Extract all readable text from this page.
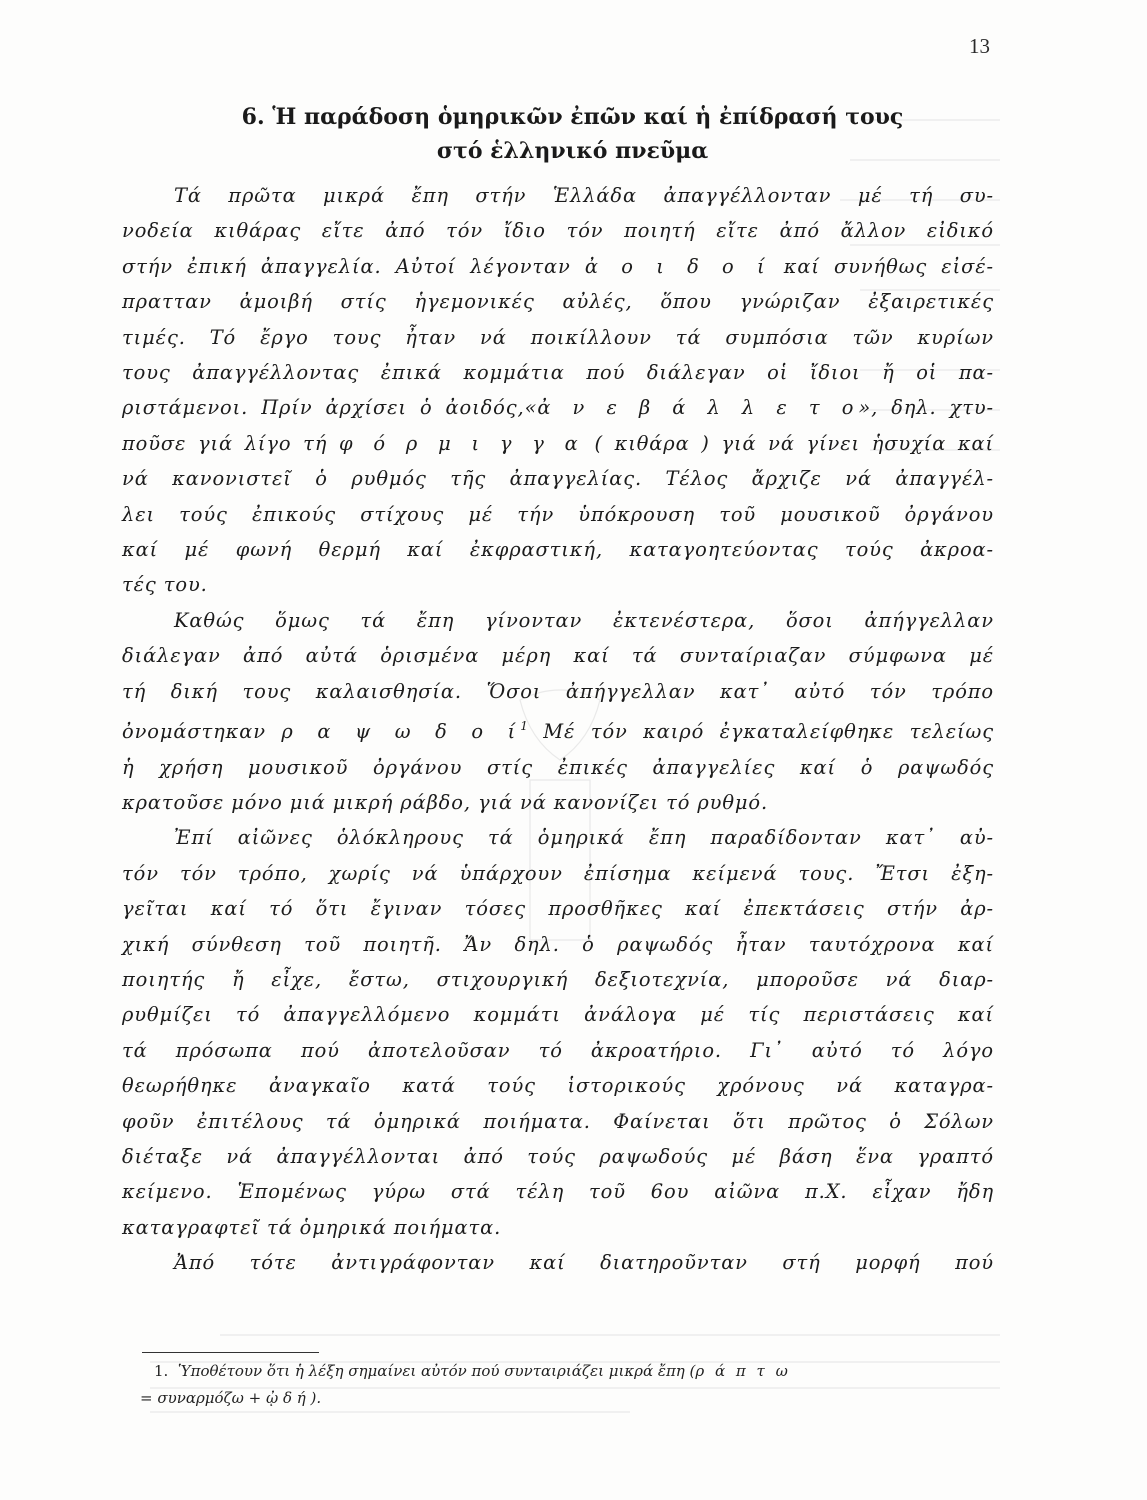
13
6. Ἡ παράδοση ὁμηρικῶν ἐπῶν καί ἡ ἐπίδρασή τους
στό ἑλληνικό πνεῦμα
Τά πρῶτα μικρά ἔπη στήν Ἑλλάδα ἀπαγγέλλονταν μέ τή συ-
νοδεία κιθάρας εἴτε ἀπό τόν ἴδιο τόν ποιητή εἴτε ἀπό ἄλλον εἰδικό
στήν ἐπική ἀπαγγελία. Αὐτοί λέγονταν ἀ ο ι δ ο ί καί συνήθως εἰσέ-
πρατταν ἀμοιβή στίς ἡγεμονικές αὐλές, ὅπου γνώριζαν ἐξαιρετικές
τιμές. Τό ἔργο τους ἦταν νά ποικίλλουν τά συμπόσια τῶν κυρίων
τους ἀπαγγέλλοντας ἐπικά κομμάτια πού διάλεγαν οἱ ἴδιοι ἤ οἱ πα-
ριστάμενοι. Πρίν ἀρχίσει ὁ ἀοιδός,«ἀ ν ε β ά λ λ ε τ ο», δηλ. χτυ-
ποῦσε γιά λίγο τή φ ό ρ μ ι γ γ α ( κιθάρα ) γιά νά γίνει ἡσυχία καί
νά κανονιστεῖ ὁ ρυθμός τῆς ἀπαγγελίας. Τέλος ἄρχιζε νά ἀπαγγέλ-
λει τούς ἐπικούς στίχους μέ τήν ὑπόκρουση τοῦ μουσικοῦ ὀργάνου
καί μέ φωνή θερμή καί ἐκφραστική, καταγοητεύοντας τούς ἀκροα-
τές του.
Καθώς ὅμως τά ἔπη γίνονταν ἐκτενέστερα, ὅσοι ἀπήγγελλαν
διάλεγαν ἀπό αὐτά ὁρισμένα μέρη καί τά συνταίριαζαν σύμφωνα μέ
τή δική τους καλαισθησία. Ὅσοι ἀπήγγελλαν κατ᾽ αὐτό τόν τρόπο
ὀνομάστηκαν ρ α ψ ω δ ο $ί^1$ Μέ τόν καιρό ἐγκαταλείφθηκε τελείως
ἡ χρήση μουσικοῦ ὀργάνου στίς ἐπικές ἀπαγγελίες καί ὁ ραψωδός
κρατοῦσε μόνο μιά μικρή ράβδο, γιά νά κανονίζει τό ρυθμό.
Ἐπί αἰῶνες ὁλόκληρους τά ὁμηρικά ἔπη παραδίδονταν κατ᾽ αὐ-
τόν τόν τρόπο, χωρίς νά ὑπάρχουν ἐπίσημα κείμενά τους. Ἔτσι ἐξη-
γεῖται καί τό ὅτι ἔγιναν τόσες προσθῆκες καί ἐπεκτάσεις στήν ἀρ-
χική σύνθεση τοῦ ποιητῆ. Ἄν δηλ. ὁ ραψωδός ἦταν ταυτόχρονα καί
ποιητής ἤ εἶχε, ἔστω, στιχουργική δεξιοτεχνία, μποροῦσε νά διαρ-
ρυθμίζει τό ἀπαγγελλόμενο κομμάτι ἀνάλογα μέ τίς περιστάσεις καί
τά πρόσωπα πού ἀποτελοῦσαν τό ἀκροατήριο. Γι᾽ αὐτό τό λόγο
θεωρήθηκε ἀναγκαῖο κατά τούς ἱστορικούς χρόνους νά καταγρα-
φοῦν ἐπιτέλους τά ὁμηρικά ποιήματα. Φαίνεται ὅτι πρῶτος ὁ Σόλων
διέταξε νά ἀπαγγέλλονται ἀπό τούς ραψωδούς μέ βάση ἕνα γραπτό
κείμενο. Ἑπομένως γύρω στά τέλη τοῦ 6ου αἰῶνα π.Χ. εἶχαν ἤδη
καταγραφτεῖ τά ὁμηρικά ποιήματα.
Ἀπό τότε ἀντιγράφονταν καί διατηροῦνταν στή μορφή πού
1. Ὑποθέτουν ὅτι ἡ λέξη σημαίνει αὐτόν πού συνταιριάζει μικρά ἔπη (ρ ά π τ ω
= συναρμόζω + ᾠ δ ή ).
